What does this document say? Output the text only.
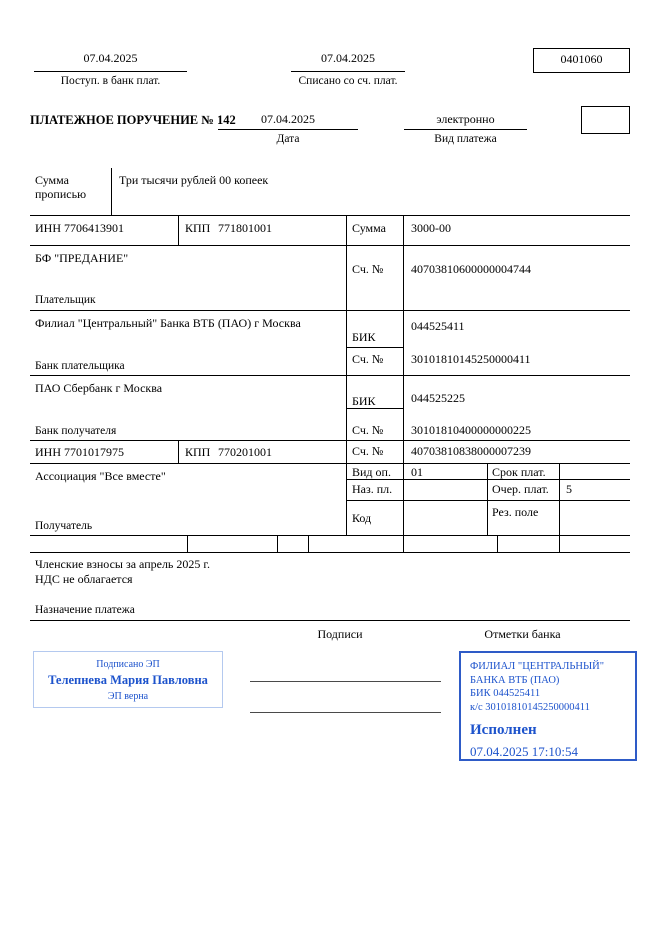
07.04.2025
Поступ. в банк плат.
07.04.2025
Списано со сч. плат.
0401060
ПЛАТЕЖНОЕ ПОРУЧЕНИЕ № 142	07.04.2025
Дата
электронно
Вид платежа
Сумма прописью
Три тысячи рублей 00 копеек
ИНН 7706413901	КПП 771801001	Сумма 3000-00
БФ "ПРЕДАНИЕ"
Сч. № 40703810600000004744
Плательщик
Филиал "Центральный" Банка ВТБ (ПАО) г Москва
БИК
044525411
Сч. № 30101810145250000411
Банк плательщика
ПАО Сбербанк г Москва
БИК	044525225
Сч. № 30101810400000000225
Банк получателя
ИНН 7701017975	КПП 770201001	Сч. № 40703810838000007239
Ассоциация "Все вместе"	Вид оп. 01	Срок плат.
Наз. пл.	Очер. плат. 5
Код	Рез. поле
Получатель
Членские взносы за апрель 2025 г.
НДС не облагается
Назначение платежа
Подписи	Отметки банка
Подписано ЭП
Телепнева Мария Павловна
ЭП верна
ФИЛИАЛ "ЦЕНТРАЛЬНЫЙ" БАНКА ВТБ (ПАО)
БИК 044525411
к/с 30101810145250000411
Исполнен
07.04.2025 17:10:54
